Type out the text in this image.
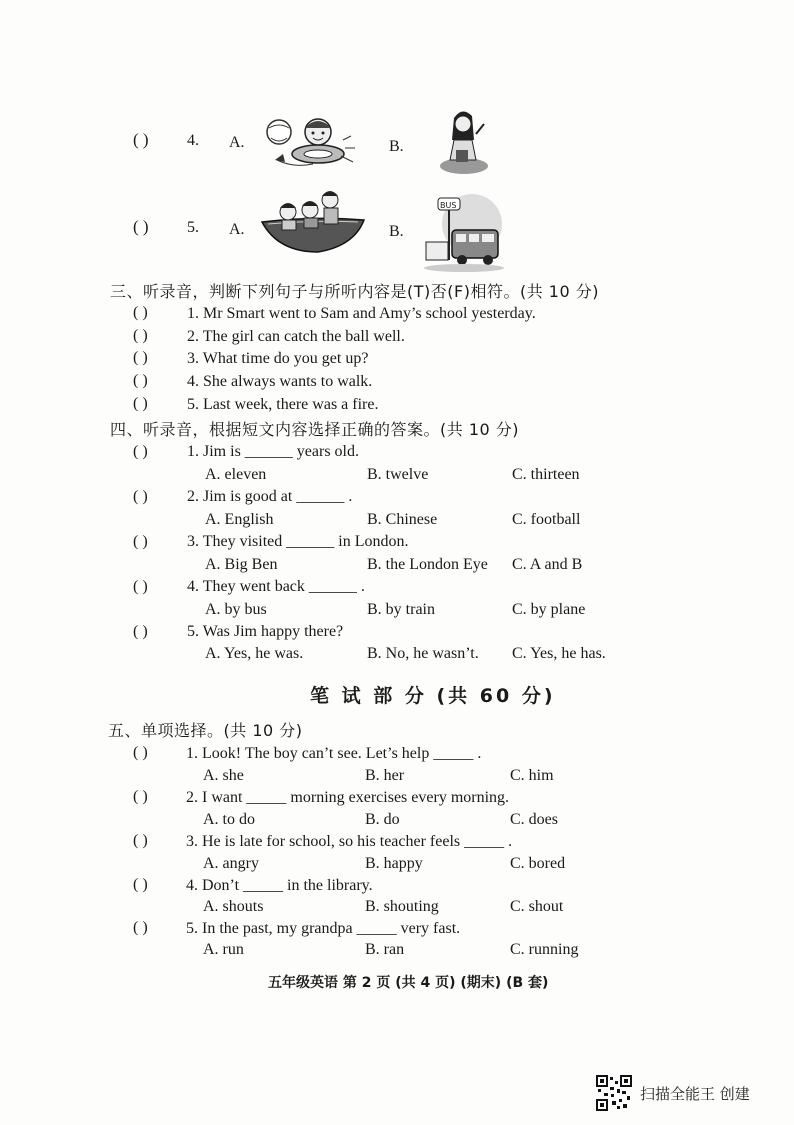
( ) 4. A.	B.
( ) 5. A.	B.
BUS
三、听录音，判断下列句子与所听内容是(T)否(F)相符。(共 10 分)
( ) 1. Mr Smart went to Sam and Amy’s school yesterday.
( ) 2. The girl can catch the ball well.
( ) 3. What time do you get up?
( ) 4. She always wants to walk.
( ) 5. Last week, there was a fire.
四、听录音，根据短文内容选择正确的答案。(共 10 分)
( ) 1. Jim is ______ years old.
A. eleven	B. twelve	C. thirteen
( ) 2. Jim is good at ______ .
A. English	B. Chinese	C. football
( ) 3. They visited ______ in London.
A. Big Ben	B. the London Eye C. A and B
( ) 4. They went back ______ .
A. by bus	B. by train	C. by plane
( ) 5. Was Jim happy there?
A. Yes, he was.	B. No, he wasn’t. C. Yes, he has.
笔 试 部 分 (共 60 分)
五、单项选择。(共 10 分)
( ) 1. Look! The boy can’t see. Let’s help _____ .
A. she	B. her	C. him
( ) 2. I want _____ morning exercises every morning.
A. to do	B. do	C. does
( ) 3. He is late for school, so his teacher feels _____ .
A. angry	B. happy	C. bored
( ) 4. Don’t _____ in the library.
A. shouts	B. shouting	C. shout
( ) 5. In the past, my grandpa _____ very fast.
A. run	B. ran	C. running
五年级英语 第 2 页 (共 4 页) (期末) (B 套)
扫描全能王 创建
